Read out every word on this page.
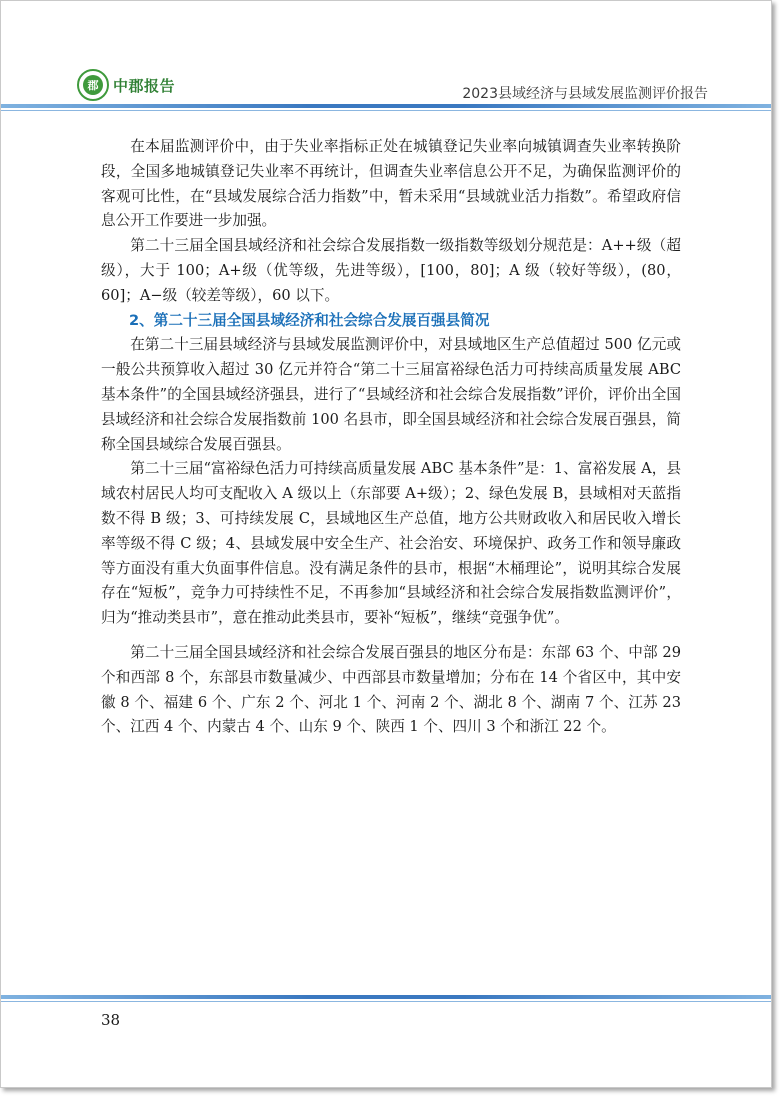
郡 中郡报告	2023县域经济与县域发展监测评价报告

在本届监测评价中，由于失业率指标正处在城镇登记失业率向城镇调查失业率转换阶段，全国多地城镇登记失业率不再统计，但调查失业率信息公开不足，为确保监测评价的客观可比性，在“县域发展综合活力指数”中，暂未采用“县域就业活力指数”。希望政府信息公开工作要进一步加强。

第二十三届全国县域经济和社会综合发展指数一级指数等级划分规范是：A++级（超级），大于 100；A+级（优等级，先进等级），[100，80]；A 级（较好等级），(80，60]；A−级（较差等级），60 以下。

2、第二十三届全国县域经济和社会综合发展百强县简况

在第二十三届县域经济与县域发展监测评价中，对县域地区生产总值超过 500 亿元或一般公共预算收入超过 30 亿元并符合“第二十三届富裕绿色活力可持续高质量发展 ABC 基本条件”的全国县域经济强县，进行了“县域经济和社会综合发展指数”评价，评价出全国县域经济和社会综合发展指数前 100 名县市，即全国县域经济和社会综合发展百强县，简称全国县域综合发展百强县。

第二十三届“富裕绿色活力可持续高质量发展 ABC 基本条件”是：1、富裕发展 A，县域农村居民人均可支配收入 A 级以上（东部要 A+级）；2、绿色发展 B，县域相对天蓝指数不得 B 级；3、可持续发展 C，县域地区生产总值，地方公共财政收入和居民收入增长率等级不得 C 级；4、县域发展中安全生产、社会治安、环境保护、政务工作和领导廉政等方面没有重大负面事件信息。没有满足条件的县市，根据“木桶理论”，说明其综合发展存在“短板”，竞争力可持续性不足，不再参加“县域经济和社会综合发展指数监测评价”，归为“推动类县市”，意在推动此类县市，要补“短板”，继续“竞强争优”。

第二十三届全国县域经济和社会综合发展百强县的地区分布是：东部 63 个、中部 29 个和西部 8 个，东部县市数量减少、中西部县市数量增加；分布在 14 个省区中，其中安徽 8 个、福建 6 个、广东 2 个、河北 1 个、河南 2 个、湖北 8 个、湖南 7 个、江苏 23 个、江西 4 个、内蒙古 4 个、山东 9 个、陕西 1 个、四川 3 个和浙江 22 个。

38
